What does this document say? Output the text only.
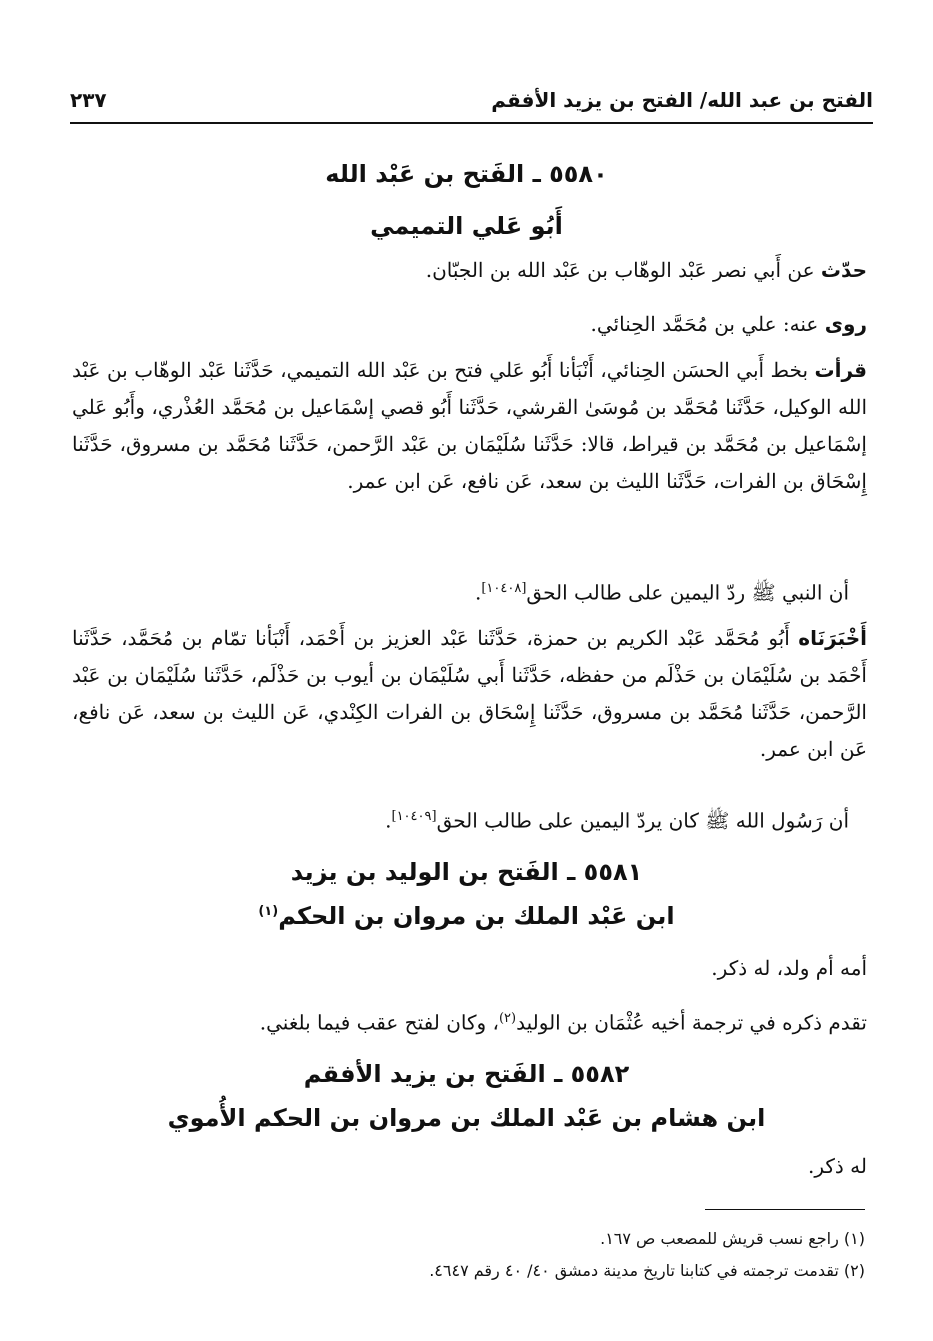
الفتح بن عبد الله/ الفتح بن يزيد الأفقم
٢٣٧
٥٥٨٠ ـ الفَتح بن عَبْد الله
أَبُو عَلي التميمي
حدّث عن أَبي نصر عَبْد الوهّاب بن عَبْد الله بن الجبّان.
روى عنه: علي بن مُحَمَّد الحِنائي.
قرأت بخط أَبي الحسَن الحِنائي، أَنْبَأنا أَبُو عَلي فتح بن عَبْد الله التميمي، حَدَّثَنا عَبْد الوهّاب بن عَبْد الله الوكيل، حَدَّثَنا مُحَمَّد بن مُوسَىٰ القرشي، حَدَّثَنا أَبُو قصي إسْمَاعيل بن مُحَمَّد العُذْري، وأَبُو عَلي إسْمَاعيل بن مُحَمَّد بن قيراط، قالا: حَدَّثَنا سُلَيْمَان بن عَبْد الرَّحمن، حَدَّثَنا مُحَمَّد بن مسروق، حَدَّثَنا إِسْحَاق بن الفرات، حَدَّثَنا الليث بن سعد، عَن نافع، عَن ابن عمر.
أن النبي ﷺ ردّ اليمين على طالب الحق[١٠٤٠٨].
أَخْبَرَنَاه أَبُو مُحَمَّد عَبْد الكريم بن حمزة، حَدَّثَنا عَبْد العزيز بن أَحْمَد، أَنْبَأنا تمّام بن مُحَمَّد، حَدَّثَنا أَحْمَد بن سُلَيْمَان بن حَذْلَم من حفظه، حَدَّثَنا أَبي سُلَيْمَان بن أيوب بن حَذْلَم، حَدَّثَنا سُلَيْمَان بن عَبْد الرَّحمن، حَدَّثَنا مُحَمَّد بن مسروق، حَدَّثَنا إِسْحَاق بن الفرات الكِنْدي، عَن الليث بن سعد، عَن نافع، عَن ابن عمر.
أن رَسُول الله ﷺ كان يردّ اليمين على طالب الحق[١٠٤٠٩].
٥٥٨١ ـ الفَتح بن الوليد بن يزيد
ابن عَبْد الملك بن مروان بن الحكم$^{(١)}$
أمه أم ولد، له ذكر.
تقدم ذكره في ترجمة أخيه عُثْمَان بن الوليد$^{(٢)}$، وكان لفتح عقب فيما بلغني.
٥٥٨٢ ـ الفَتح بن يزيد الأفقم
ابن هشام بن عَبْد الملك بن مروان بن الحكم الأُموي
له ذكر.
(١) راجع نسب قريش للمصعب ص ١٦٧.
(٢) تقدمت ترجمته في كتابنا تاريخ مدينة دمشق ٤٠/ ٤٠ رقم ٤٦٤٧.
